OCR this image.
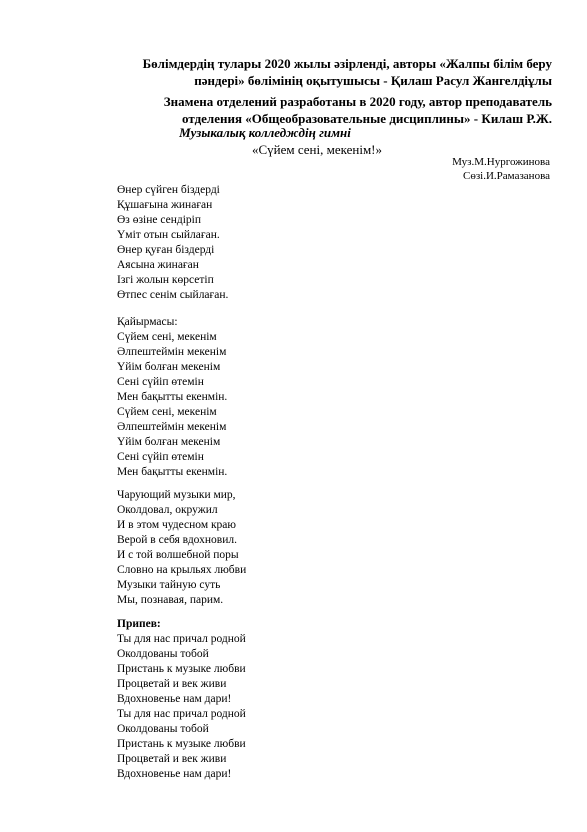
Бөлімдердің тулары 2020 жылы әзірленді, авторы «Жалпы білім беру
пәндері» бөлімінің оқытушысы - Қилаш Расул Жангелдіұлы
Знамена отделений разработаны в 2020 году, автор преподаватель
отделения «Общеобразовательные дисциплины» - Килаш Р.Ж.
Музыкалық колледждің гимні
«Сүйем сені, мекенім!»
Муз.М.Нургожинова
Сөзі.И.Рамазанова
Өнер сүйген біздерді
Құшағына жинаған
Өз өзіне сендіріп
Үміт отын сыйлаған.
Өнер қуған біздерді
Аясына жинаған
Ізгі жолын көрсетіп
Өтпес сенім сыйлаған.
Қайырмасы:
Сүйем сені, мекенім
Әлпештеймін мекенім
Үйім болған мекенім
Сені сүйіп өтемін
Мен бақытты екенмін.
Сүйем сені, мекенім
Әлпештеймін мекенім
Үйім болған мекенім
Сені сүйіп өтемін
Мен бақытты екенмін.
Чарующий музыки мир,
Околдовал, окружил
И в этом чудесном краю
Верой в себя вдохновил.
И с той волшебной поры
Словно на крыльях любви
Музыки тайную суть
Мы, познавая, парим.
Припев:
Ты для нас причал родной
Околдованы тобой
Пристань к музыке любви
Процветай и век живи
Вдохновенье нам дари!
Ты для нас причал родной
Околдованы тобой
Пристань к музыке любви
Процветай и век живи
Вдохновенье нам дари!
